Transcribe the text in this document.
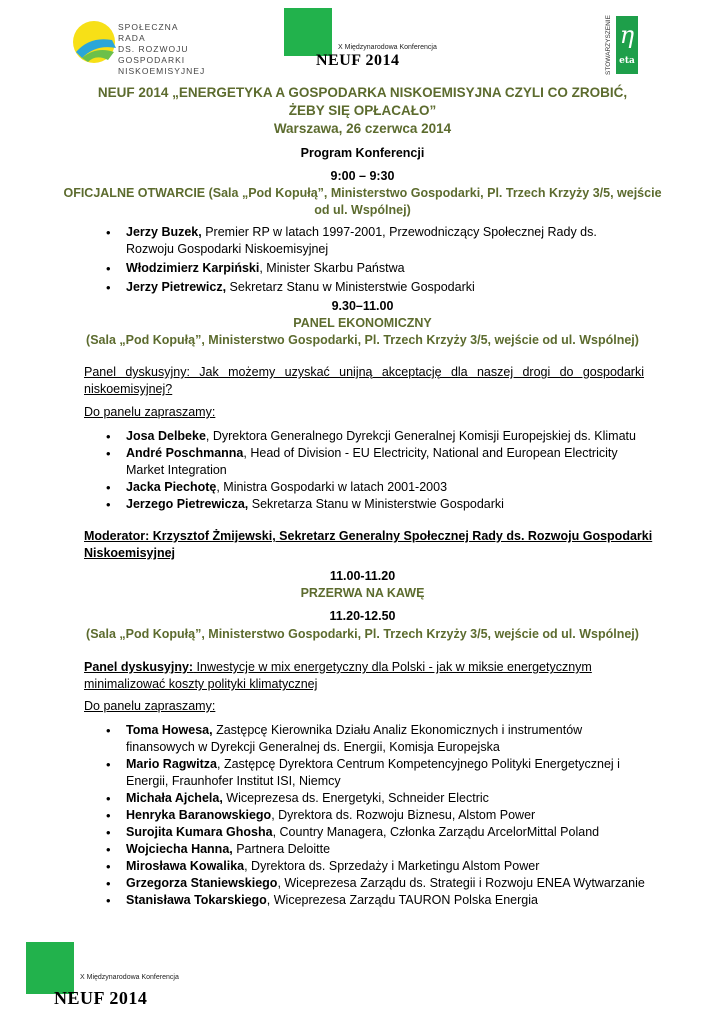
SPOŁECZNA RADA
DS. ROZWOJU
GOSPODARKI
NISKOEMISYJNEJ
X Międzynarodowa Konferencja
NEUF 2014	STOWARZYSZENIE η
eta
NEUF 2014 „ENERGETYKA A GOSPODARKA NISKOEMISYJNA CZYLI CO ZROBIĆ,
ŻEBY SIĘ OPŁACAŁO”
Warszawa, 26 czerwca 2014
Program Konferencji
9:00 – 9:30
OFICJALNE OTWARCIE (Sala „Pod Kopułą”, Ministerstwo Gospodarki, Pl. Trzech Krzyży 3/5, wejście
od ul. Wspólnej)
• Jerzy Buzek, Premier RP w latach 1997-2001, Przewodniczący Społecznej Rady ds. Rozwoju Gospodarki Niskoemisyjnej
• Włodzimierz Karpiński, Minister Skarbu Państwa
• Jerzy Pietrewicz, Sekretarz Stanu w Ministerstwie Gospodarki
9.30–11.00
PANEL EKONOMICZNY
(Sala „Pod Kopułą”, Ministerstwo Gospodarki, Pl. Trzech Krzyży 3/5, wejście od ul. Wspólnej)
Panel dyskusyjny: Jak możemy uzyskać unijną akceptację dla naszej drogi do gospodarki niskoemisyjnej?
Do panelu zapraszamy:
• Josa Delbeke, Dyrektora Generalnego Dyrekcji Generalnej Komisji Europejskiej ds. Klimatu
• André Poschmanna, Head of Division - EU Electricity, National and European Electricity Market Integration
• Jacka Piechotę, Ministra Gospodarki w latach 2001-2003
• Jerzego Pietrewicza, Sekretarza Stanu w Ministerstwie Gospodarki
Moderator: Krzysztof Żmijewski, Sekretarz Generalny Społecznej Rady ds. Rozwoju Gospodarki
Niskoemisyjnej
11.00-11.20
PRZERWA NA KAWĘ
11.20-12.50
(Sala „Pod Kopułą”, Ministerstwo Gospodarki, Pl. Trzech Krzyży 3/5, wejście od ul. Wspólnej)
Panel dyskusyjny: Inwestycje w mix energetyczny dla Polski - jak w miksie energetycznym
minimalizować koszty polityki klimatycznej
Do panelu zapraszamy:
• Toma Howesa, Zastępcę Kierownika Działu Analiz Ekonomicznych i instrumentów finansowych w Dyrekcji Generalnej ds. Energii, Komisja Europejska
• Mario Ragwitza, Zastępcę Dyrektora Centrum Kompetencyjnego Polityki Energetycznej i Energii, Fraunhofer Institut ISI, Niemcy
• Michała Ajchela, Wiceprezesa ds. Energetyki, Schneider Electric
• Henryka Baranowskiego, Dyrektora ds. Rozwoju Biznesu, Alstom Power
• Surojita Kumara Ghosha, Country Managera, Członka Zarządu ArcelorMittal Poland
• Wojciecha Hanna, Partnera Deloitte
• Mirosława Kowalika, Dyrektora ds. Sprzedaży i Marketingu Alstom Power
• Grzegorza Staniewskiego, Wiceprezesa Zarządu ds. Strategii i Rozwoju ENEA Wytwarzanie
• Stanisława Tokarskiego, Wiceprezesa Zarządu TAURON Polska Energia
X Międzynarodowa Konferencja
NEUF 2014
